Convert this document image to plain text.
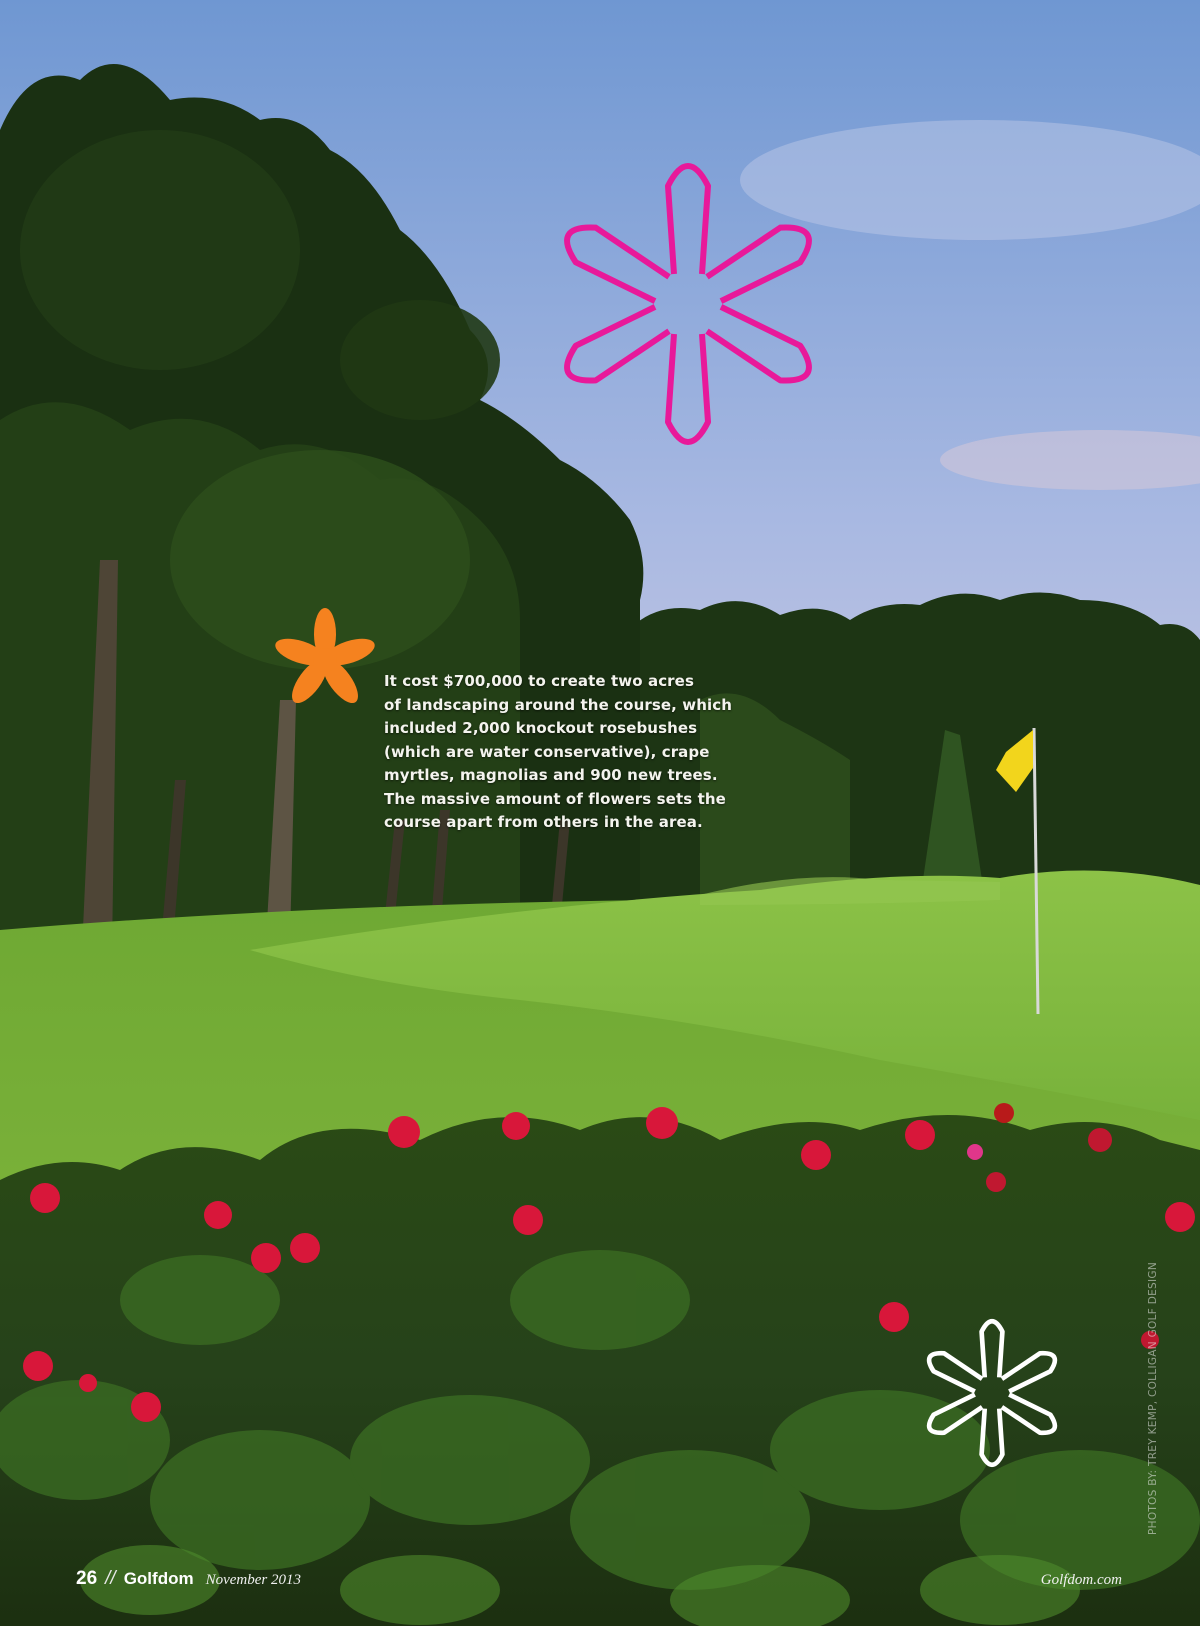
It cost $700,000 to create two acres
of landscaping around the course, which
included 2,000 knockout rosebushes
(which are water conservative), crape
myrtles, magnolias and 900 new trees.
The massive amount of flowers sets the
course apart from others in the area.

PHOTOS BY: TREY KEMP, COLLIGAN GOLF DESIGN
26 // Golfdom November 2013	Golfdom.com
